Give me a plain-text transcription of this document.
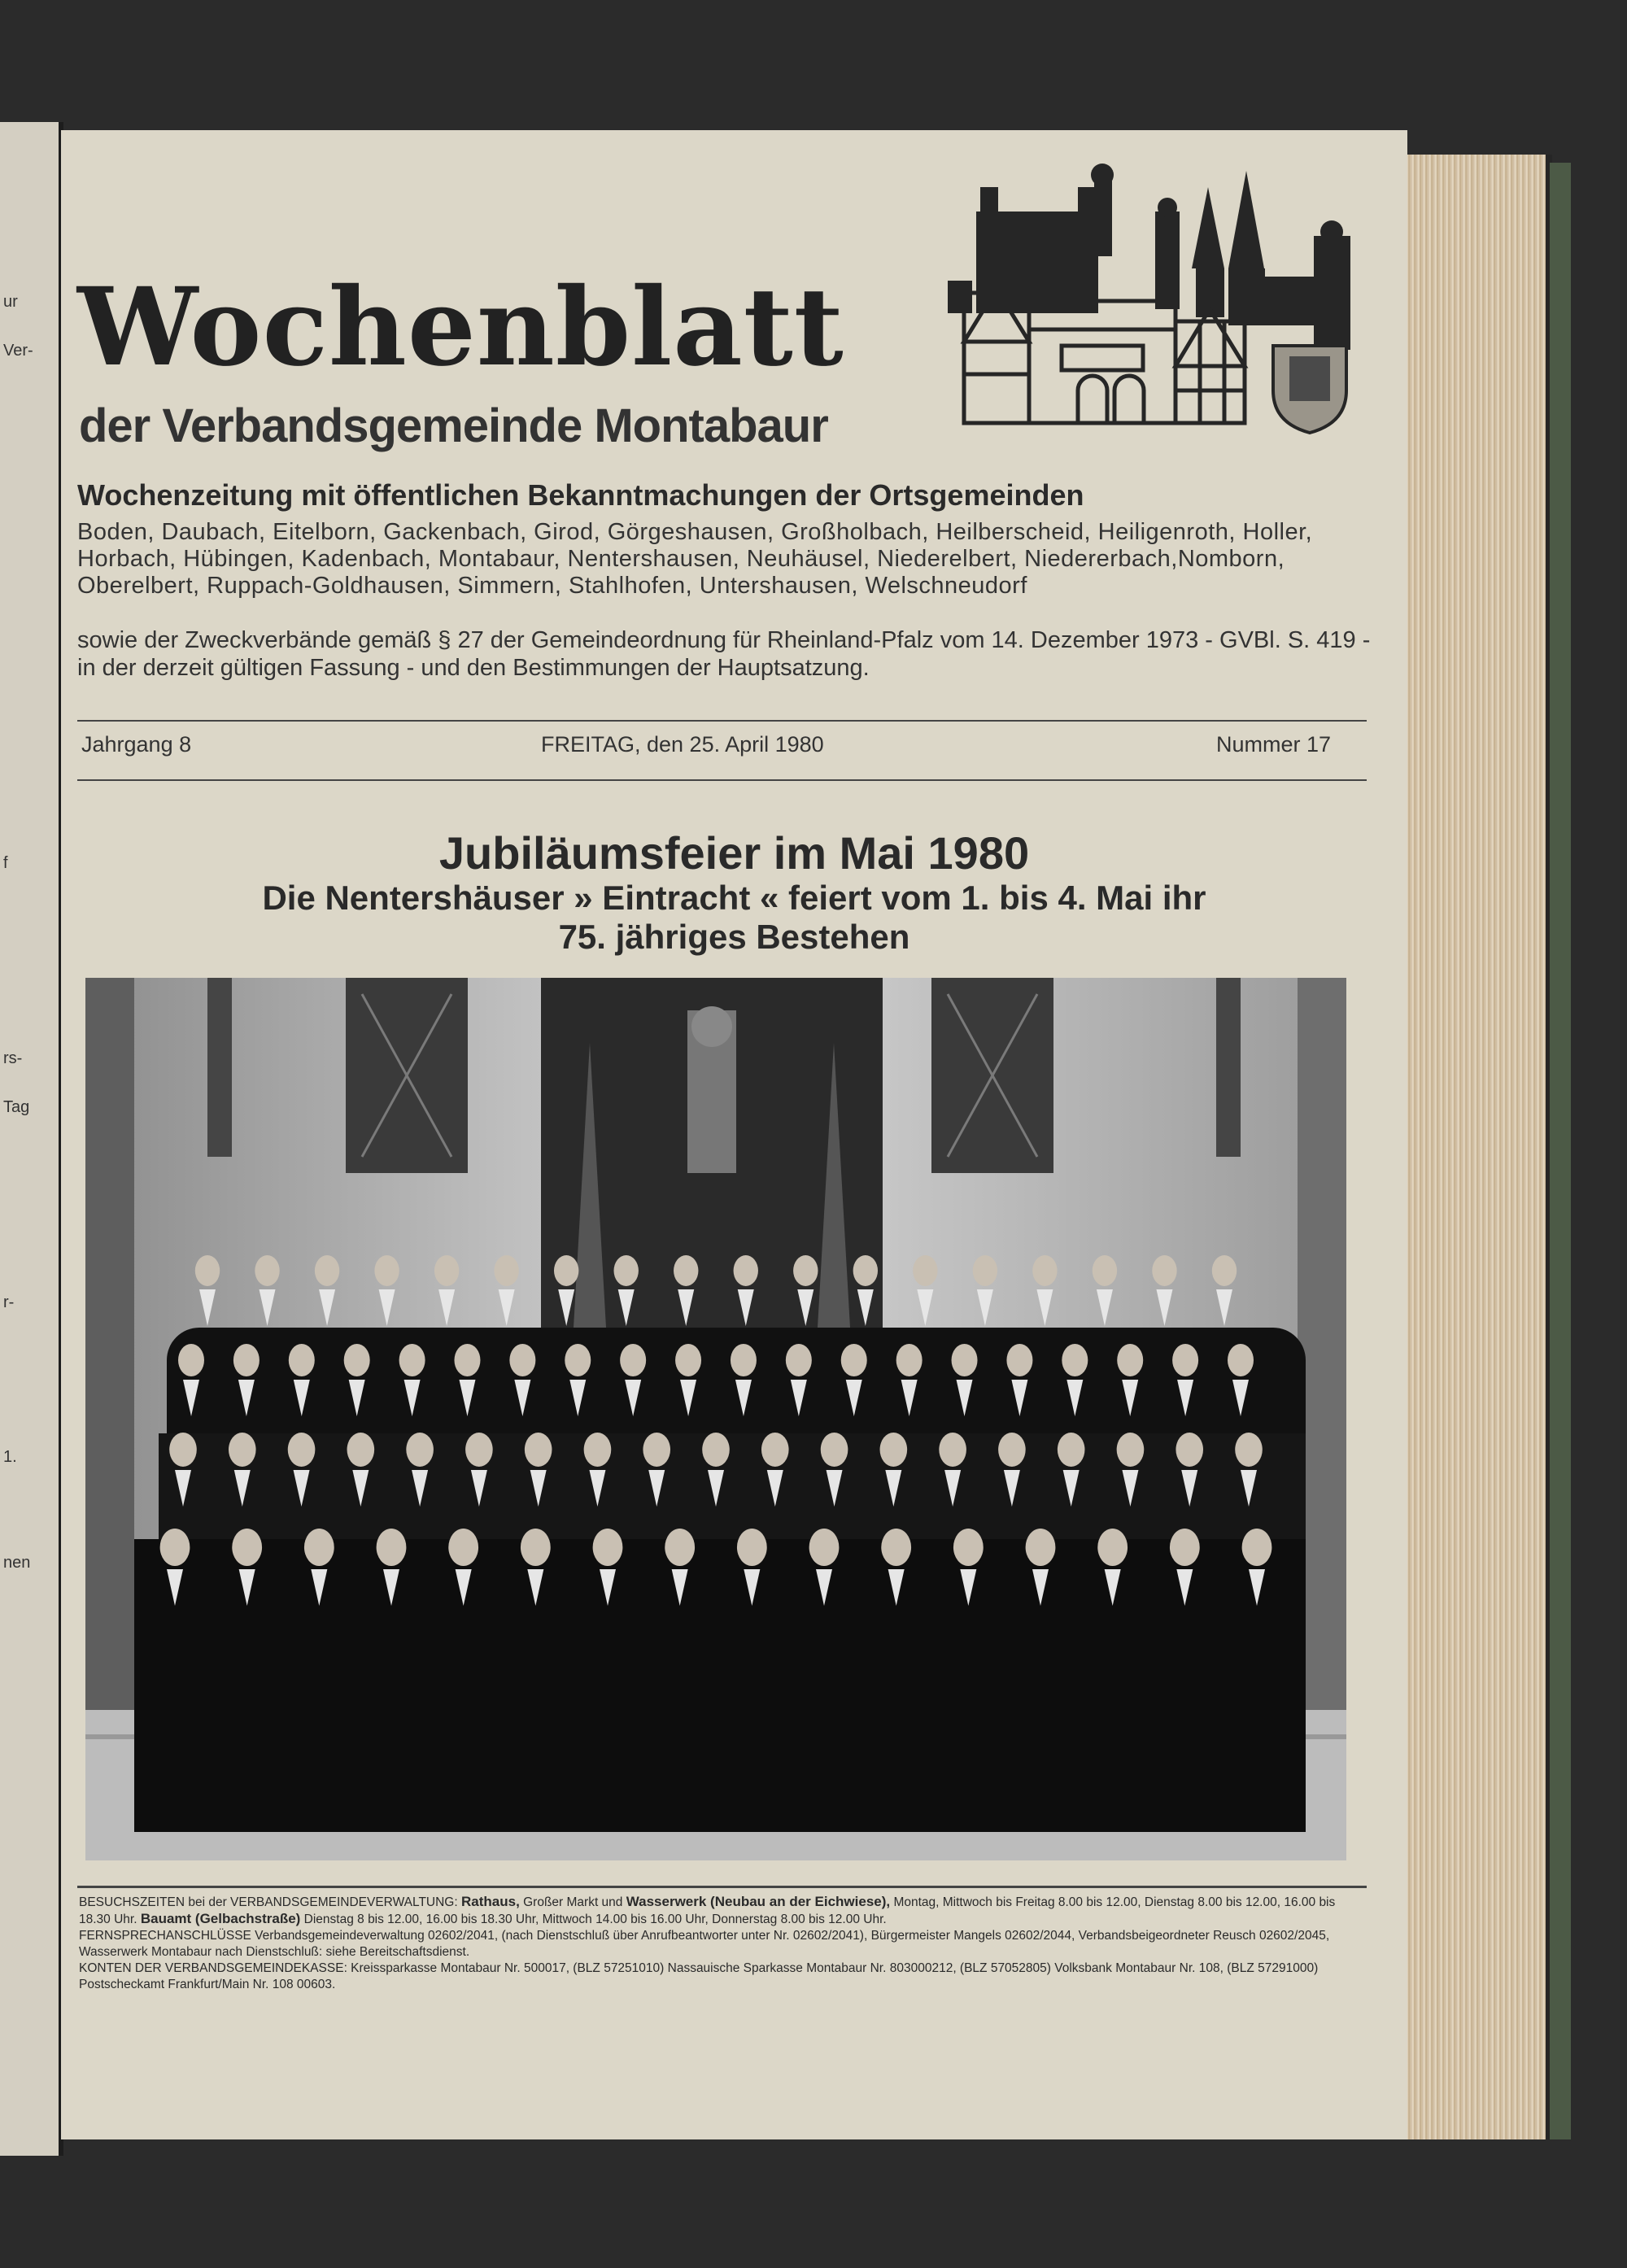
ur
Ver-
f
rs-
Tag
r-
1.
nen
Wochenblatt
der Verbandsgemeinde Montabaur
Wochenzeitung mit öffentlichen Bekanntmachungen der Ortsgemeinden
Boden, Daubach, Eitelborn, Gackenbach, Girod, Görgeshausen, Großholbach, Heilberscheid, Heiligenroth, Holler, Horbach, Hübingen, Kadenbach, Montabaur, Nentershausen, Neuhäusel, Niederelbert, Niedererbach,Nomborn, Oberelbert, Ruppach-Goldhausen, Simmern, Stahlhofen, Untershausen, Welschneudorf
sowie der Zweckverbände gemäß § 27 der Gemeindeordnung für Rheinland-Pfalz vom 14. Dezember 1973 - GVBl. S. 419 - in der derzeit gültigen Fassung - und den Bestimmungen der Hauptsatzung.
Jahrgang 8	FREITAG, den 25. April 1980	Nummer 17
Jubiläumsfeier im Mai 1980
Die Nentershäuser » Eintracht « feiert vom 1. bis 4. Mai ihr
75. jähriges Bestehen
BESUCHSZEITEN bei der VERBANDSGEMEINDEVERWALTUNG: Rathaus, Großer Markt und Wasserwerk (Neubau an der Eichwiese), Montag, Mittwoch bis Freitag 8.00 bis 12.00, Dienstag 8.00 bis 12.00, 16.00 bis 18.30 Uhr. Bauamt (Gelbachstraße) Dienstag 8 bis 12.00, 16.00 bis 18.30 Uhr, Mittwoch 14.00 bis 16.00 Uhr, Donnerstag 8.00 bis 12.00 Uhr.
FERNSPRECHANSCHLÜSSE Verbandsgemeindeverwaltung 02602/2041, (nach Dienstschluß über Anrufbeantworter unter Nr. 02602/2041), Bürgermeister Mangels 02602/2044, Verbandsbeigeordneter Reusch 02602/2045, Wasserwerk Montabaur nach Dienstschluß: siehe Bereitschaftsdienst.
KONTEN DER VERBANDSGEMEINDEKASSE: Kreissparkasse Montabaur Nr. 500017, (BLZ 57251010) Nassauische Sparkasse Montabaur Nr. 803000212, (BLZ 57052805) Volksbank Montabaur Nr. 108, (BLZ 57291000) Postscheckamt Frankfurt/Main Nr. 108 00603.
